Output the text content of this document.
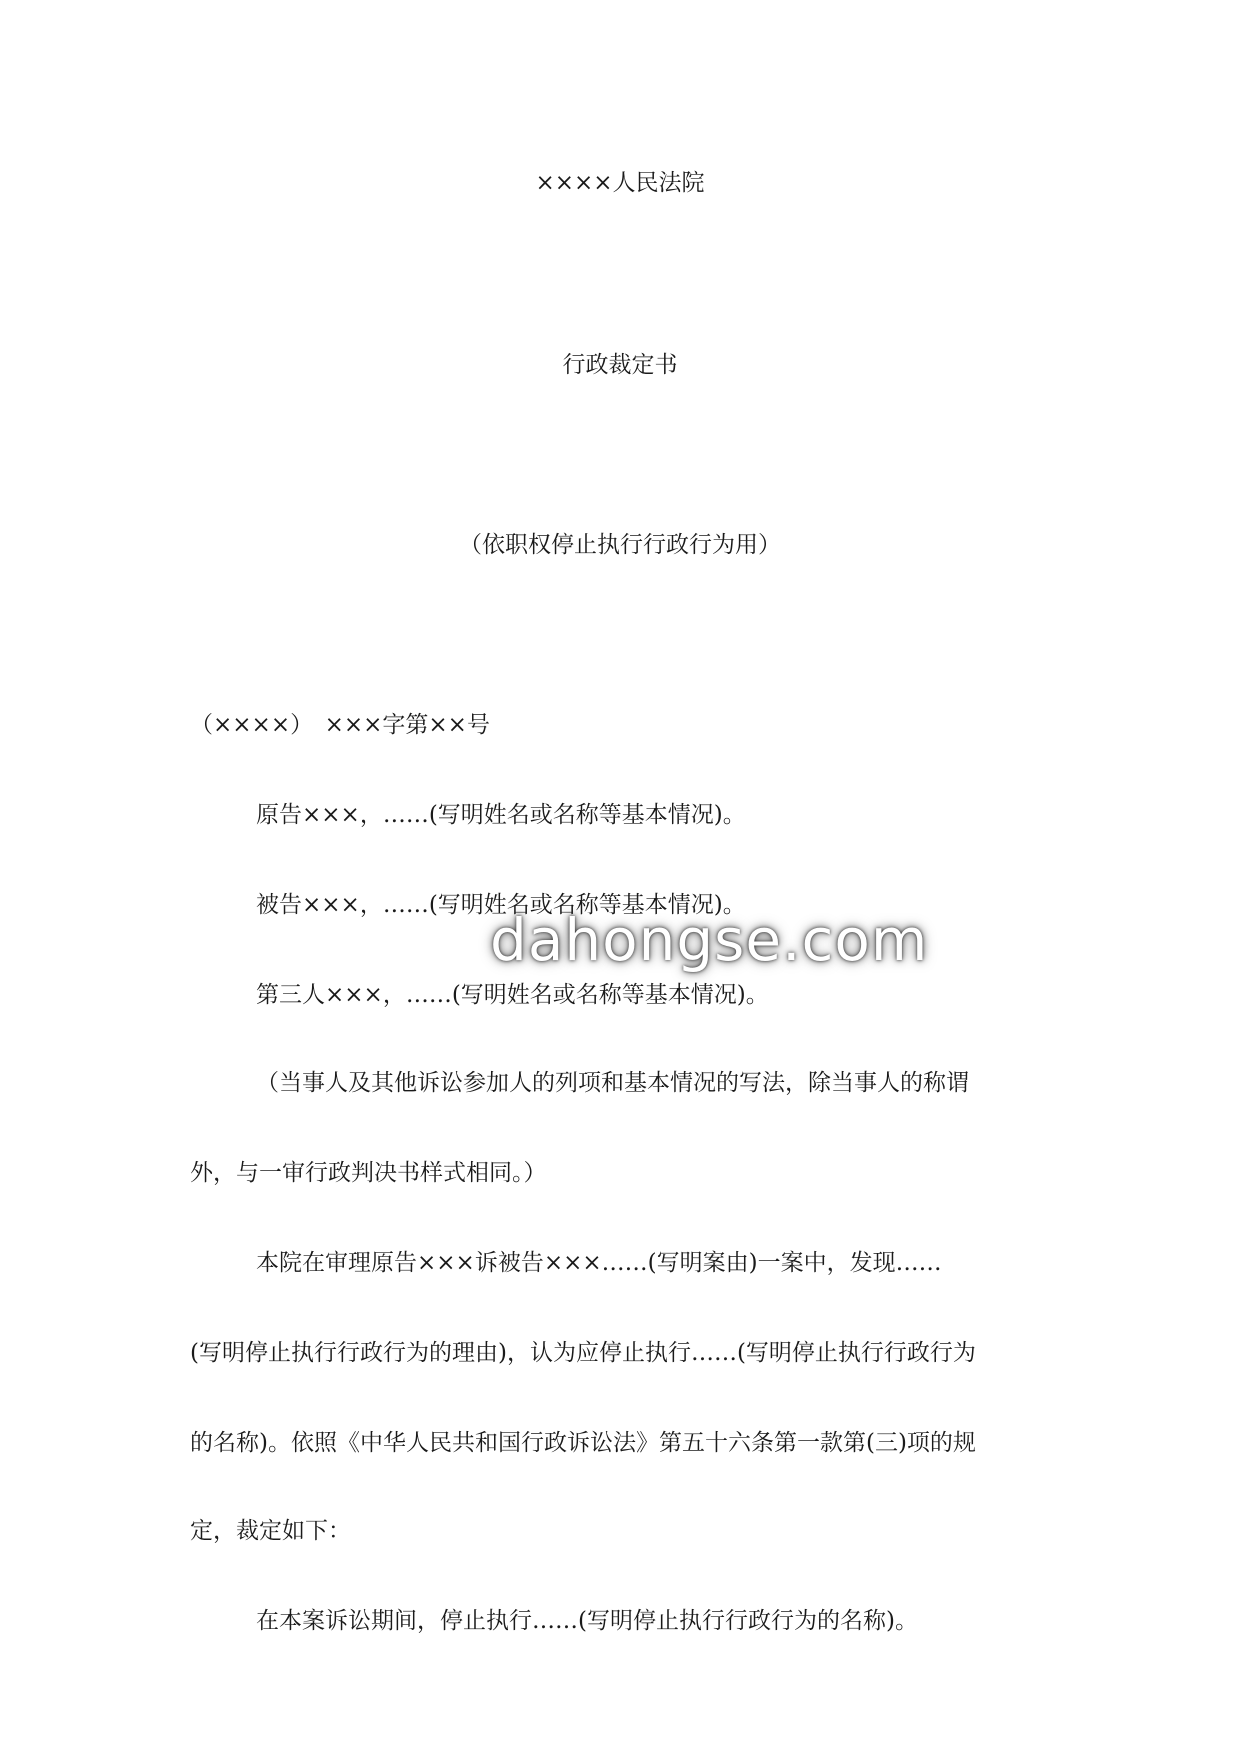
××××人民法院
行政裁定书
（依职权停止执行行政行为用）
（××××）　×××字第××号
原告×××，……(写明姓名或名称等基本情况)。
被告×××，……(写明姓名或名称等基本情况)。
第三人×××，……(写明姓名或名称等基本情况)。
（当事人及其他诉讼参加人的列项和基本情况的写法，除当事人的称谓
外，与一审行政判决书样式相同。）
本院在审理原告×××诉被告×××……(写明案由)一案中，发现……
(写明停止执行行政行为的理由)，认为应停止执行……(写明停止执行行政行为
的名称)。依照《中华人民共和国行政诉讼法》第五十六条第一款第(三)项的规
定，裁定如下：
在本案诉讼期间，停止执行……(写明停止执行行政行为的名称)。
dahongse.com
